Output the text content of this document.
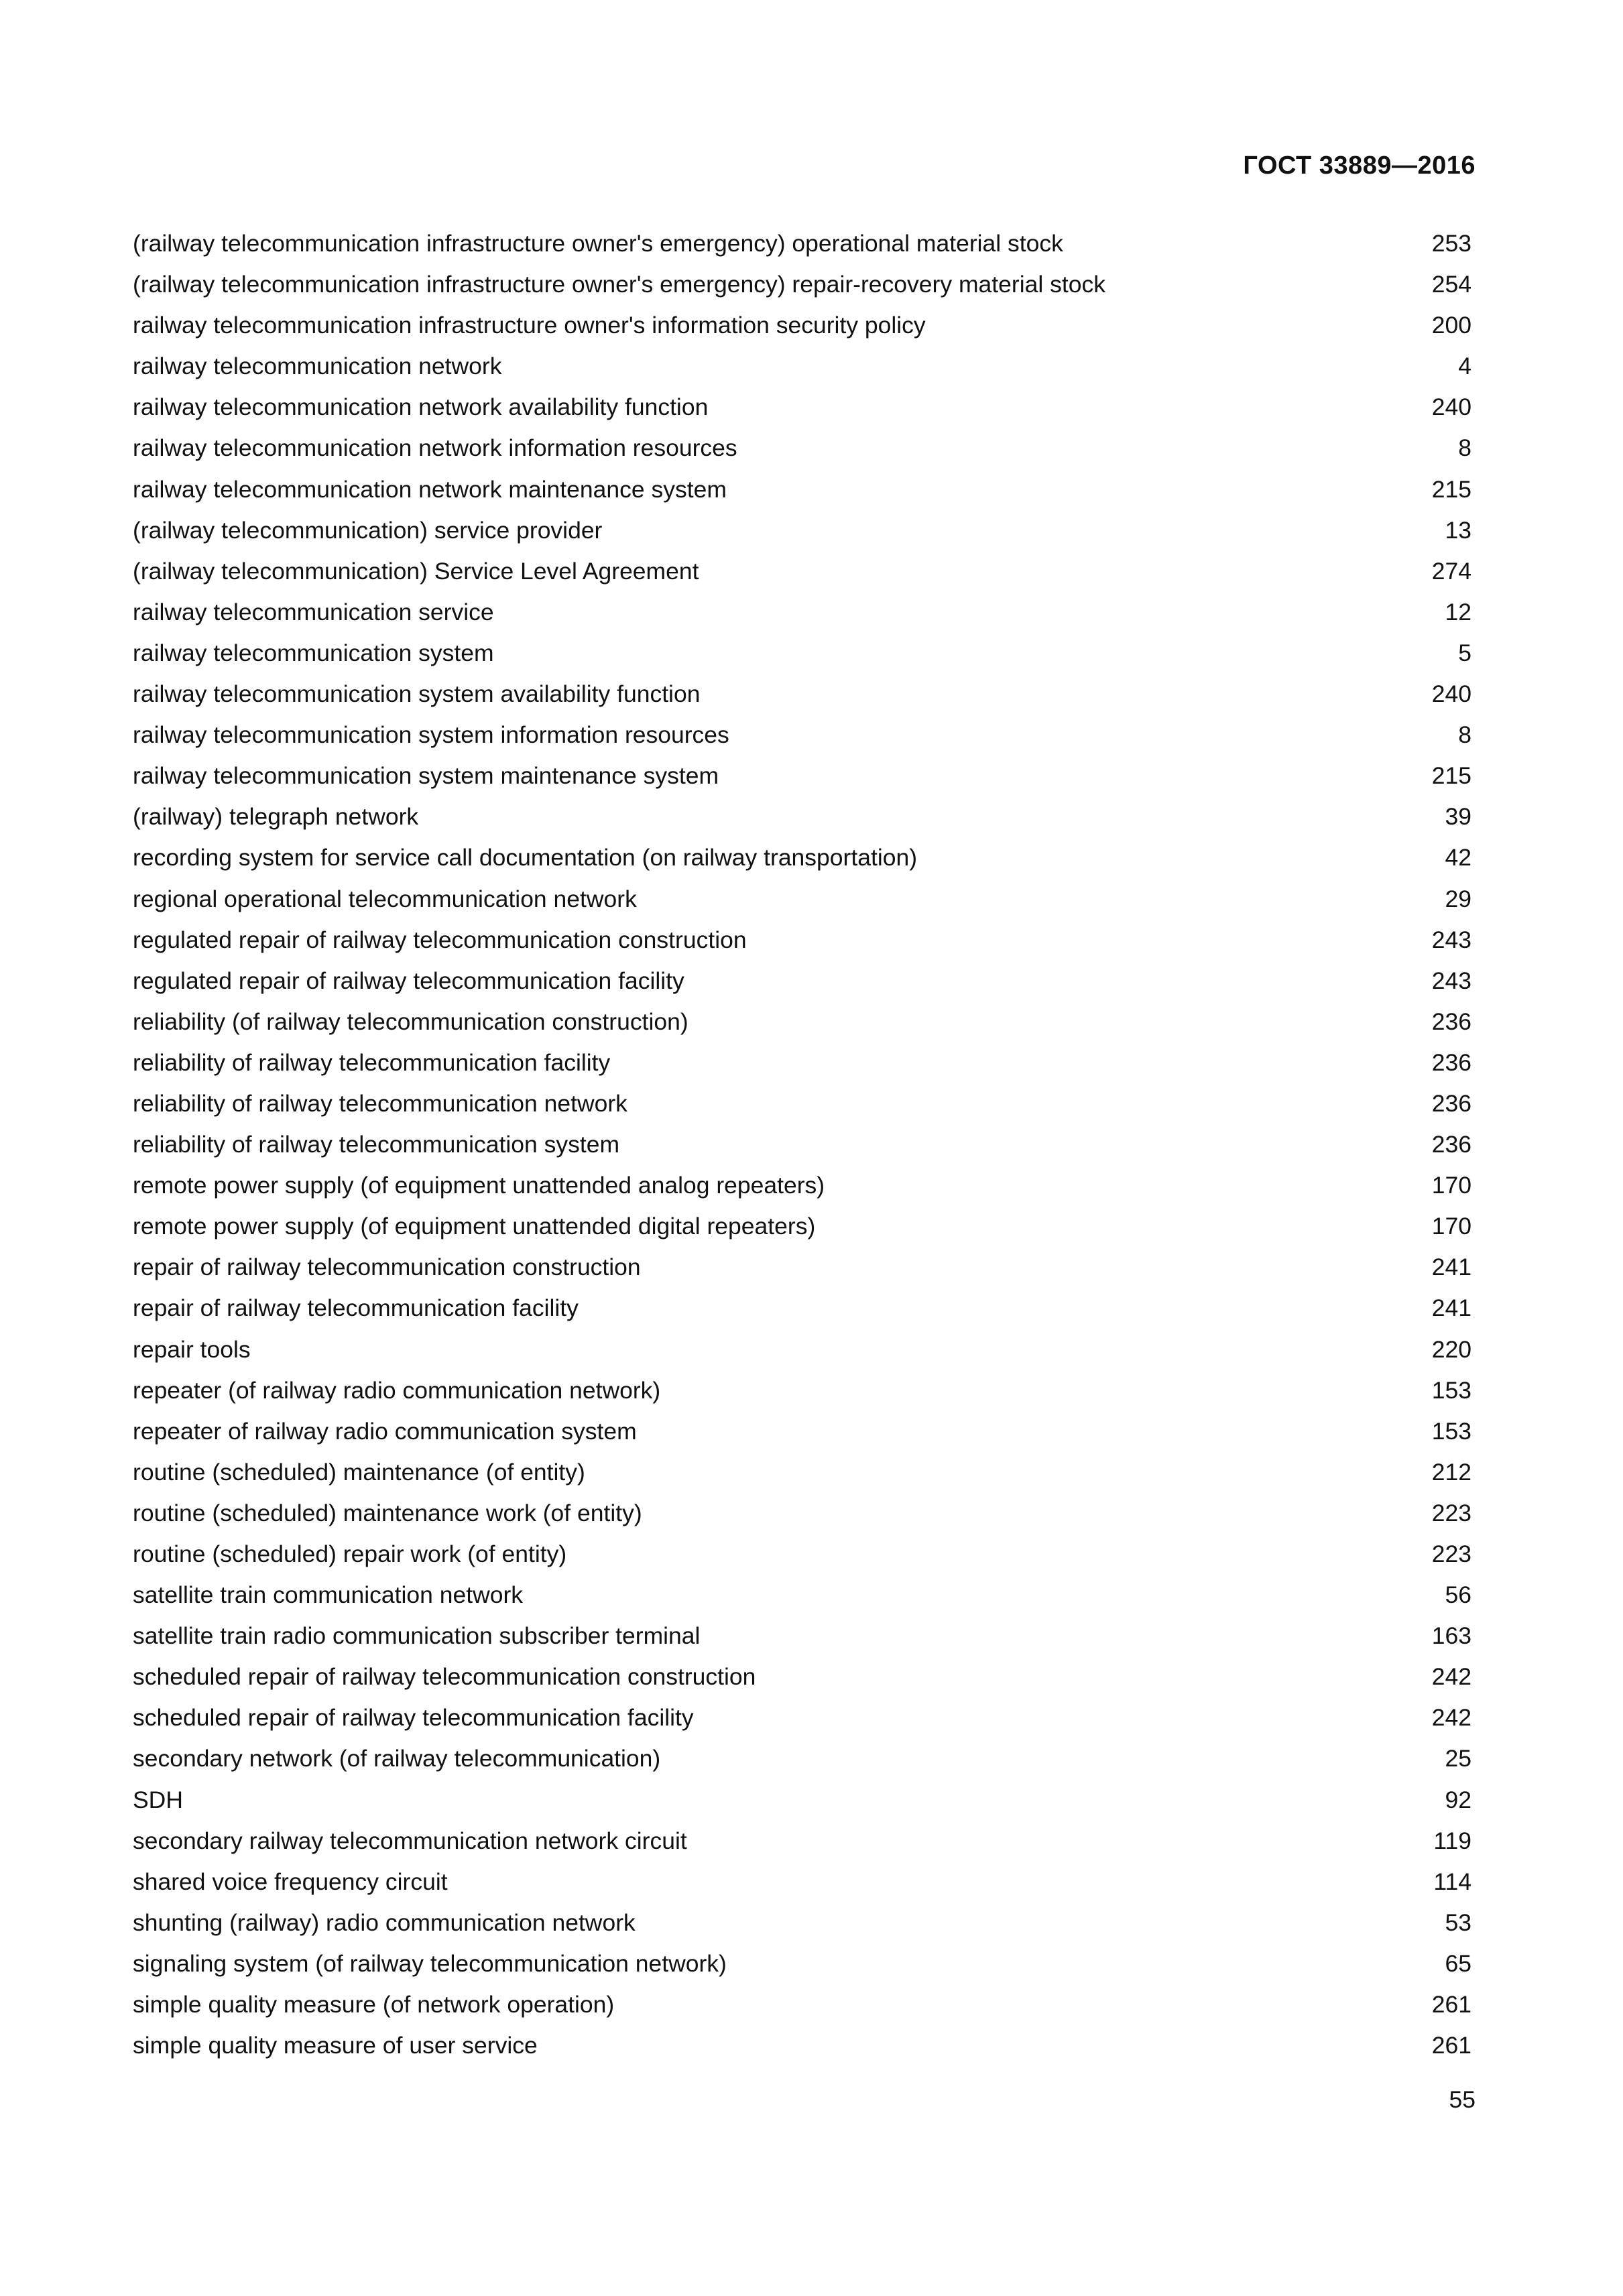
ГОСТ 33889—2016
(railway telecommunication infrastructure owner's emergency) operational material stock	253
(railway telecommunication infrastructure owner's emergency) repair-recovery material stock	254
railway telecommunication infrastructure owner's information security policy	200
railway telecommunication network	4
railway telecommunication network availability function	240
railway telecommunication network information resources	8
railway telecommunication network maintenance system	215
(railway telecommunication) service provider	13
(railway telecommunication) Service Level Agreement	274
railway telecommunication service	12
railway telecommunication system	5
railway telecommunication system availability function	240
railway telecommunication system information resources	8
railway telecommunication system maintenance system	215
(railway) telegraph network	39
recording system for service call documentation (on railway transportation)	42
regional operational telecommunication network	29
regulated repair of railway telecommunication construction	243
regulated repair of railway telecommunication facility	243
reliability (of railway telecommunication construction)	236
reliability of railway telecommunication facility	236
reliability of railway telecommunication network	236
reliability of railway telecommunication system	236
remote power supply (of equipment unattended analog repeaters)	170
remote power supply (of equipment unattended digital repeaters)	170
repair of railway telecommunication construction	241
repair of railway telecommunication facility	241
repair tools	220
repeater (of railway radio communication network)	153
repeater of railway radio communication system	153
routine (scheduled) maintenance (of entity)	212
routine (scheduled) maintenance work (of entity)	223
routine (scheduled) repair work (of entity)	223
satellite train communication network	56
satellite train radio communication subscriber terminal	163
scheduled repair of railway telecommunication construction	242
scheduled repair of railway telecommunication facility	242
secondary network (of railway telecommunication)	25
SDH	92
secondary railway telecommunication network circuit	119
shared voice frequency circuit	114
shunting (railway) radio communication network	53
signaling system (of railway telecommunication network)	65
simple quality measure (of network operation)	261
simple quality measure of user service	261
55
